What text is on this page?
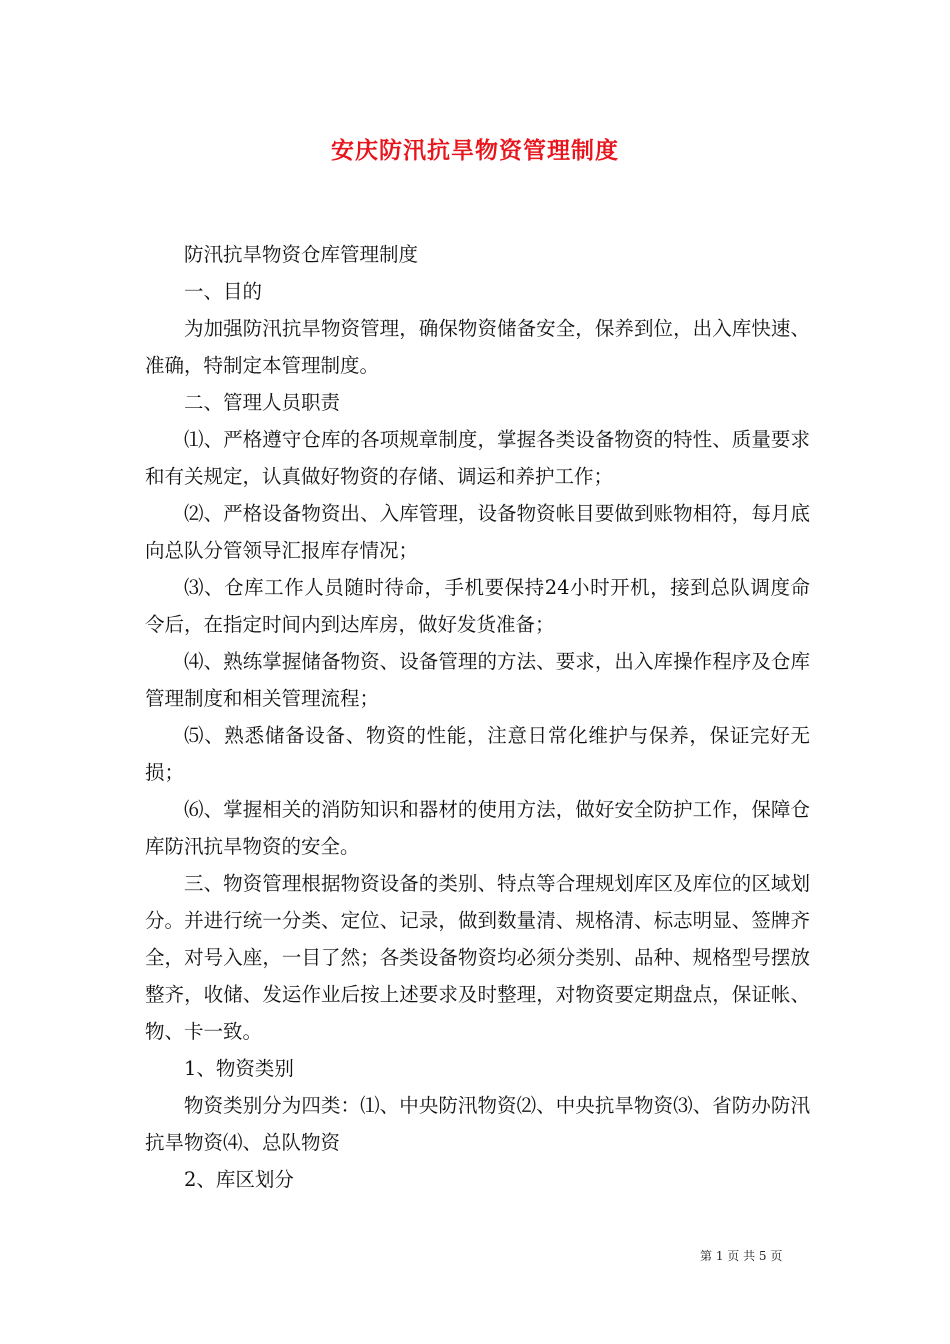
安庆防汛抗旱物资管理制度

防汛抗旱物资仓库管理制度

一、目的

为加强防汛抗旱物资管理，确保物资储备安全，保养到位，出入库快速、准确，特制定本管理制度。

二、管理人员职责

⑴、严格遵守仓库的各项规章制度，掌握各类设备物资的特性、质量要求和有关规定，认真做好物资的存储、调运和养护工作；

⑵、严格设备物资出、入库管理，设备物资帐目要做到账物相符，每月底向总队分管领导汇报库存情况；

⑶、仓库工作人员随时待命，手机要保持24小时开机，接到总队调度命令后，在指定时间内到达库房，做好发货准备；

⑷、熟练掌握储备物资、设备管理的方法、要求，出入库操作程序及仓库管理制度和相关管理流程；

⑸、熟悉储备设备、物资的性能，注意日常化维护与保养，保证完好无损；

⑹、掌握相关的消防知识和器材的使用方法，做好安全防护工作，保障仓库防汛抗旱物资的安全。

三、物资管理根据物资设备的类别、特点等合理规划库区及库位的区域划分。并进行统一分类、定位、记录，做到数量清、规格清、标志明显、签牌齐全，对号入座，一目了然；各类设备物资均必须分类别、品种、规格型号摆放整齐，收储、发运作业后按上述要求及时整理，对物资要定期盘点，保证帐、物、卡一致。

1、物资类别

物资类别分为四类：⑴、中央防汛物资⑵、中央抗旱物资⑶、省防办防汛抗旱物资⑷、总队物资

2、库区划分

第 1 页 共 5 页
